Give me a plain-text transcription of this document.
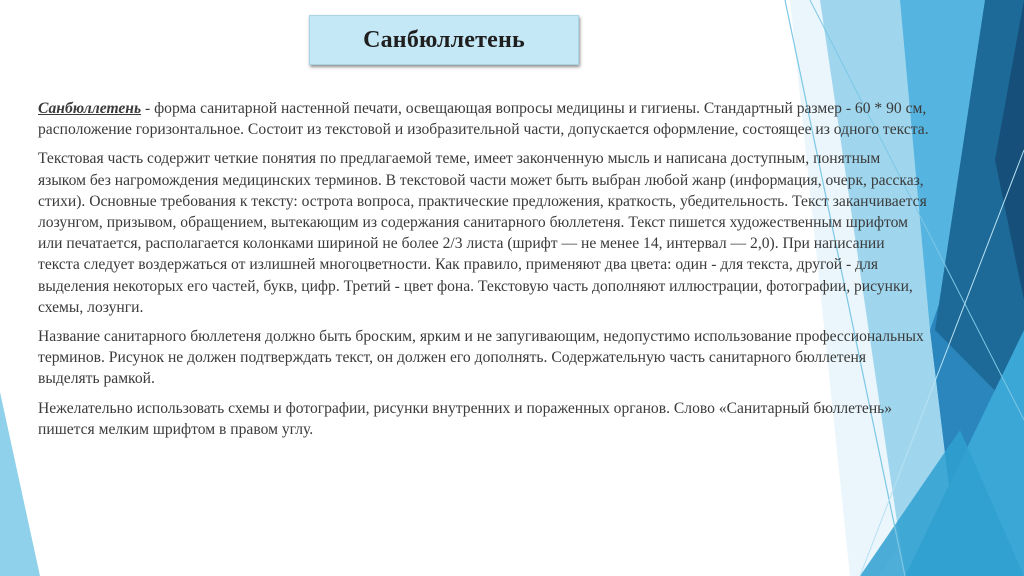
Санбюллетень

Санбюллетень - форма санитарной настенной печати, освещающая вопросы медицины и гигиены. Стандартный размер - 60 * 90 см, расположение горизонтальное. Состоит из текстовой и изобразительной части, допускается оформление, состоящее из одного текста.

Текстовая часть содержит четкие понятия по предлагаемой теме, имеет законченную мысль и написана доступным, понятным языком без нагромождения медицинских терминов. В текстовой части может быть выбран любой жанр (информация, очерк, рассказ, стихи). Основные требования к тексту: острота вопроса, практические предложения, краткость, убедительность. Текст заканчивается лозунгом, призывом, обращением, вытекающим из содержания санитарного бюллетеня. Текст пишется художественным шрифтом или печатается, располагается колонками шириной не более 2/3 листа (шрифт — не менее 14, интервал — 2,0). При написании текста следует воздержаться от излишней многоцветности. Как правило, применяют два цвета: один - для текста, другой - для выделения некоторых его частей, букв, цифр. Третий - цвет фона. Текстовую часть дополняют иллюстрации, фотографии, рисунки, схемы, лозунги.

Название санитарного бюллетеня должно быть броским, ярким и не запугивающим, недопустимо использование профессиональных терминов. Рисунок не должен подтверждать текст, он должен его дополнять. Содержательную часть санитарного бюллетеня выделять рамкой.

Нежелательно использовать схемы и фотографии, рисунки внутренних и пораженных органов. Слово «Санитарный бюллетень» пишется мелким шрифтом в правом углу.
